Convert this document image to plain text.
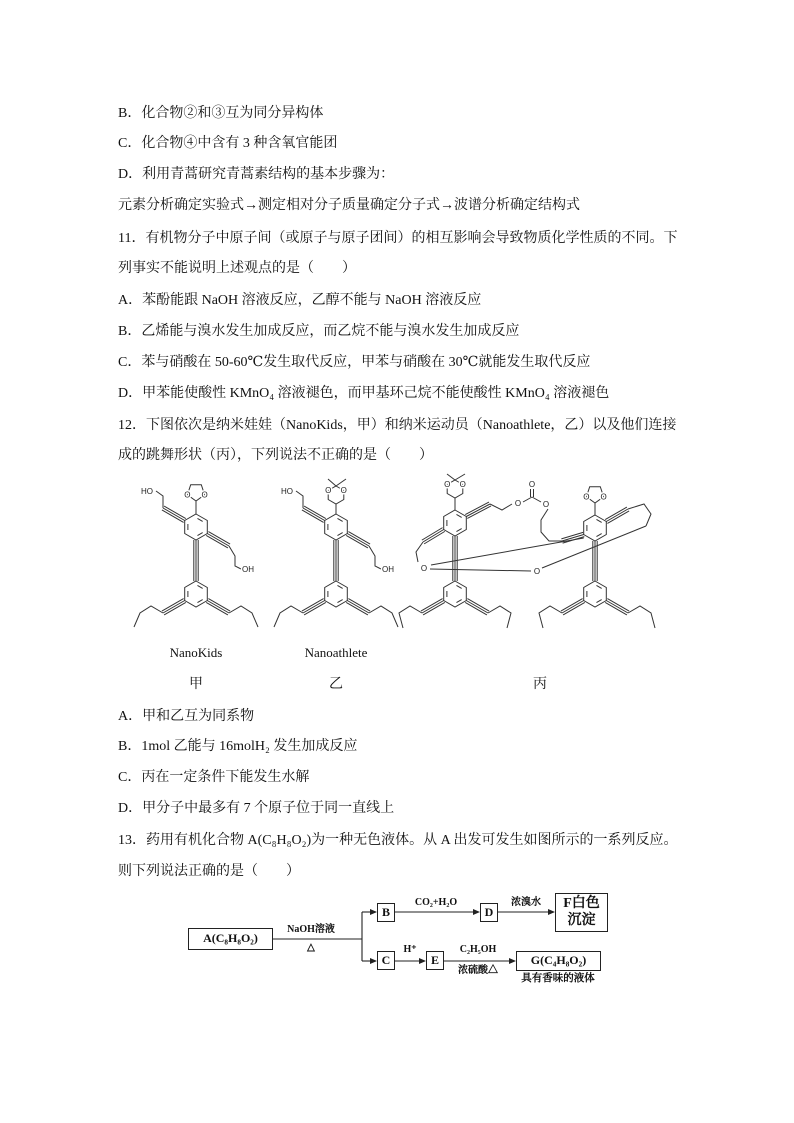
B．化合物②和③互为同分异构体
C．化合物④中含有 3 种含氧官能团
D．利用青蒿研究青蒿素结构的基本步骤为：
元素分析确定实验式→测定相对分子质量确定分子式→波谱分析确定结构式
11．有机物分子中原子间（或原子与原子团间）的相互影响会导致物质化学性质的不同。下
列事实不能说明上述观点的是（　　）
A．苯酚能跟 NaOH 溶液反应，乙醇不能与 NaOH 溶液反应
B．乙烯能与溴水发生加成反应，而乙烷不能与溴水发生加成反应
C．苯与硝酸在 50-60℃发生取代反应，甲苯与硝酸在 30℃就能发生取代反应
D．甲苯能使酸性 KMnO₄ 溶液褪色，而甲基环己烷不能使酸性 KMnO₄ 溶液褪色
12．下图依次是纳米娃娃（NanoKids，甲）和纳米运动员（Nanoathlete，乙）以及他们连接
成的跳舞形状（丙），下列说法不正确的是（　　）
O O
HO
OH
O O
HO
OH
O O
O
O
O
O
O O
O
NanoKids	Nanoathlete
甲	乙	丙
A．甲和乙互为同系物
B．1mol 乙能与 16molH₂ 发生加成反应
C．丙在一定条件下能发生水解
D．甲分子中最多有 7 个原子位于同一直线上
13．药用有机化合物 A(C₈H₈O₂)为一种无色液体。从 A 出发可发生如图所示的一系列反应。
则下列说法正确的是（　　）
A(C₈H₈O₂)
NaOH溶液
△
B
CO₂+H₂O
D
浓溴水	F白色
沉淀
C
H⁺
E
C₂H₅OH
浓硫酸△
G(C₄H₈O₂)
具有香味的液体
